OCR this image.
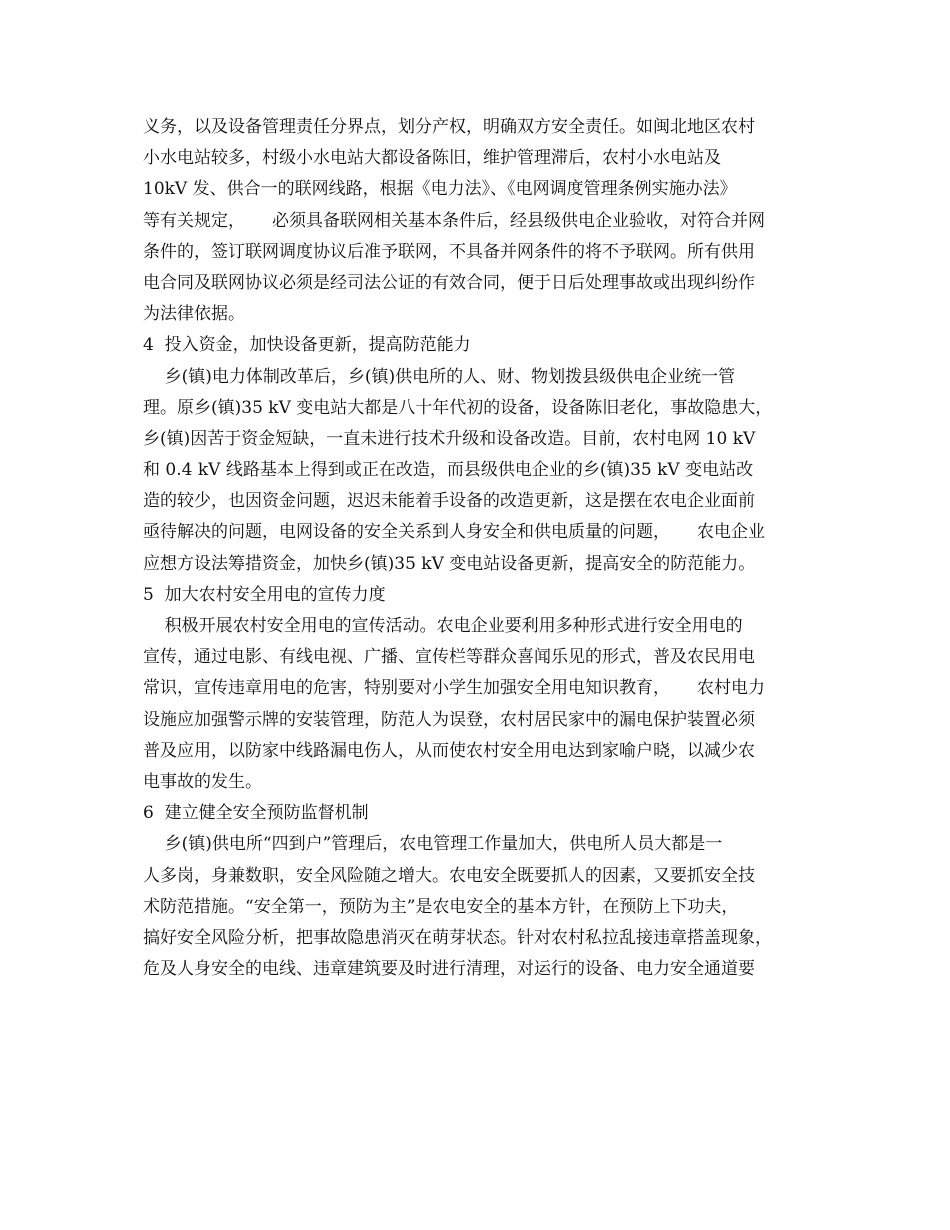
义务，以及设备管理责任分界点，划分产权，明确双方安全责任。如闽北地区农村
小水电站较多，村级小水电站大都设备陈旧，维护管理滞后，农村小水电站及
10kV 发、供合一的联网线路，根据《电力法》、《电网调度管理条例实施办法》
等有关规定，     必须具备联网相关基本条件后，经县级供电企业验收，对符合并网
条件的，签订联网调度协议后准予联网，不具备并网条件的将不予联网。所有供用
电合同及联网协议必须是经司法公证的有效合同，便于日后处理事故或出现纠纷作
为法律依据。
4  投入资金，加快设备更新，提高防范能力
乡(镇)电力体制改革后，乡(镇)供电所的人、财、物划拨县级供电企业统一管
理。原乡(镇)35 kV 变电站大都是八十年代初的设备，设备陈旧老化，事故隐患大，
乡(镇)因苦于资金短缺，一直未进行技术升级和设备改造。目前，农村电网 10 kV
和 0.4 kV 线路基本上得到或正在改造，而县级供电企业的乡(镇)35 kV 变电站改
造的较少，也因资金问题，迟迟未能着手设备的改造更新，这是摆在农电企业面前
亟待解决的问题，电网设备的安全关系到人身安全和供电质量的问题，     农电企业
应想方设法筹措资金，加快乡(镇)35 kV 变电站设备更新，提高安全的防范能力。
5  加大农村安全用电的宣传力度
积极开展农村安全用电的宣传活动。农电企业要利用多种形式进行安全用电的
宣传，通过电影、有线电视、广播、宣传栏等群众喜闻乐见的形式，普及农民用电
常识，宣传违章用电的危害，特别要对小学生加强安全用电知识教育，     农村电力
设施应加强警示牌的安装管理，防范人为误登，农村居民家中的漏电保护装置必须
普及应用，以防家中线路漏电伤人，从而使农村安全用电达到家喻户晓，以减少农
电事故的发生。
6  建立健全安全预防监督机制
乡(镇)供电所“四到户”管理后，农电管理工作量加大，供电所人员大都是一
人多岗，身兼数职，安全风险随之增大。农电安全既要抓人的因素，又要抓安全技
术防范措施。“安全第一，预防为主”是农电安全的基本方针，在预防上下功夫，
搞好安全风险分析，把事故隐患消灭在萌芽状态。针对农村私拉乱接违章搭盖现象，
危及人身安全的电线、违章建筑要及时进行清理，对运行的设备、电力安全通道要
